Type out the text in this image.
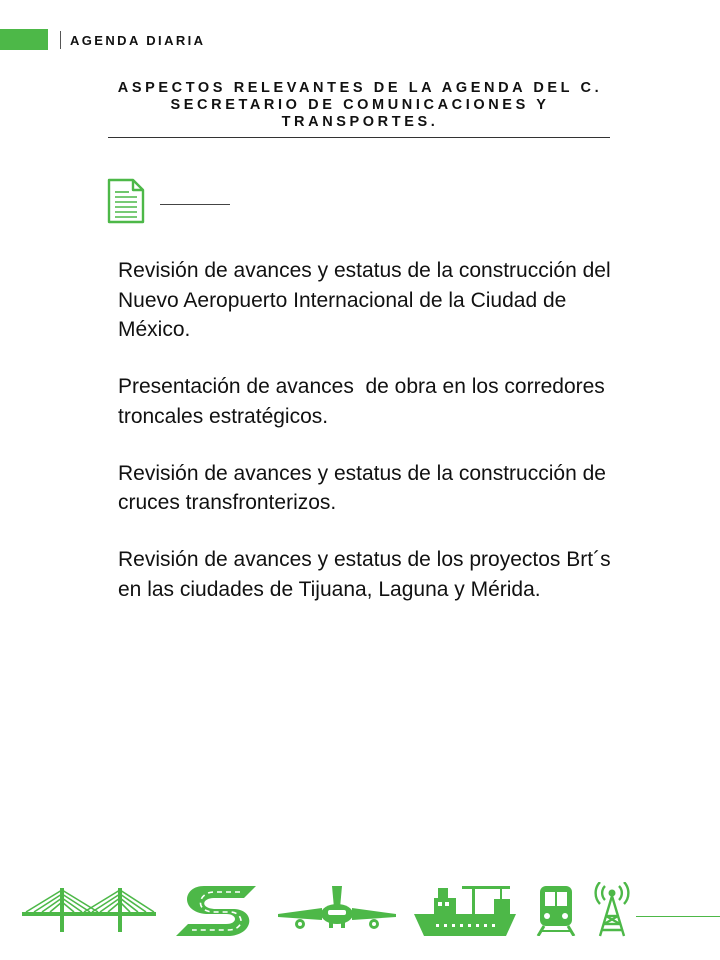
AGENDA DIARIA
ASPECTOS RELEVANTES DE LA AGENDA DEL C. SECRETARIO DE COMUNICACIONES Y TRANSPORTES.

Revisión de avances y estatus de la construcción del Nuevo Aeropuerto Internacional de la Ciudad de México.

Presentación de avances  de obra en los corredores troncales estratégicos.

Revisión de avances y estatus de la construcción de cruces transfronterizos.

Revisión de avances y estatus de los proyectos Brt´s  en las ciudades de Tijuana, Laguna y Mérida.
